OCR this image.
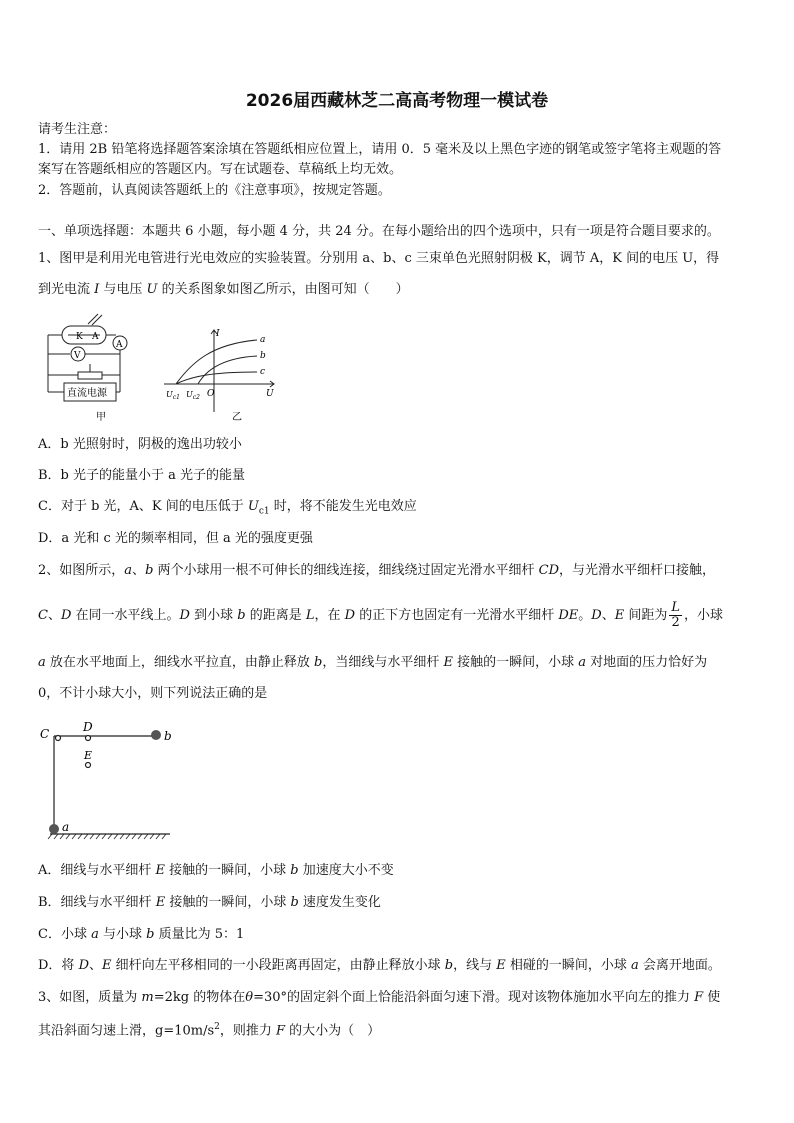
2026届西藏林芝二高高考物理一模试卷
请考生注意：
1．请用 2B 铅笔将选择题答案涂填在答题纸相应位置上，请用 0．5 毫米及以上黑色字迹的钢笔或签字笔将主观题的答
案写在答题纸相应的答题区内。写在试题卷、草稿纸上均无效。
2．答题前，认真阅读答题纸上的《注意事项》，按规定答题。
一、单项选择题：本题共 6 小题，每小题 4 分，共 24 分。在每小题给出的四个选项中，只有一项是符合题目要求的。
1、图甲是利用光电管进行光电效应的实验装置。分别用 a、b、c 三束单色光照射阴极 K，调节 A，K 间的电压 U，得
到光电流 I 与电压 U 的关系图象如图乙所示，由图可知（　　）
K A
A
V
直流电源
甲
I
U
O
a
b
c
$U_{c1}$ $U_{c2}$
乙
A．b 光照射时，阴极的逸出功较小
B．b 光子的能量小于 a 光子的能量
C．对于 b 光，A、K 间的电压低于 $U_{c1}$ 时，将不能发生光电效应
D．a 光和 c 光的频率相同，但 a 光的强度更强
2、如图所示，a、b 两个小球用一根不可伸长的细线连接，细线绕过固定光滑水平细杆 CD，与光滑水平细杆口接触，
C、D 在同一水平线上。D 到小球 b 的距离是 L，在 D 的正下方也固定有一光滑水平细杆 DE。D、E 间距为 $\frac{L}{2}$ ，小球
a 放在水平地面上，细线水平拉直，由静止释放 b，当细线与水平细杆 E 接触的一瞬间，小球 a 对地面的压力恰好为
0，不计小球大小，则下列说法正确的是
C	D
E
b
a
A．细线与水平细杆 E 接触的一瞬间，小球 b 加速度大小不变
B．细线与水平细杆 E 接触的一瞬间，小球 b 速度发生变化
C．小球 a 与小球 b 质量比为 5：1
D．将 D、E 细杆向左平移相同的一小段距离再固定，由静止释放小球 b，线与 E 相碰的一瞬间，小球 a 会离开地面。
3、如图，质量为 m=2kg 的物体在θ=30°的固定斜个面上恰能沿斜面匀速下滑。现对该物体施加水平向左的推力 F 使
其沿斜面匀速上滑，$g=10m/s^2$，则推力 F 的大小为（　）
